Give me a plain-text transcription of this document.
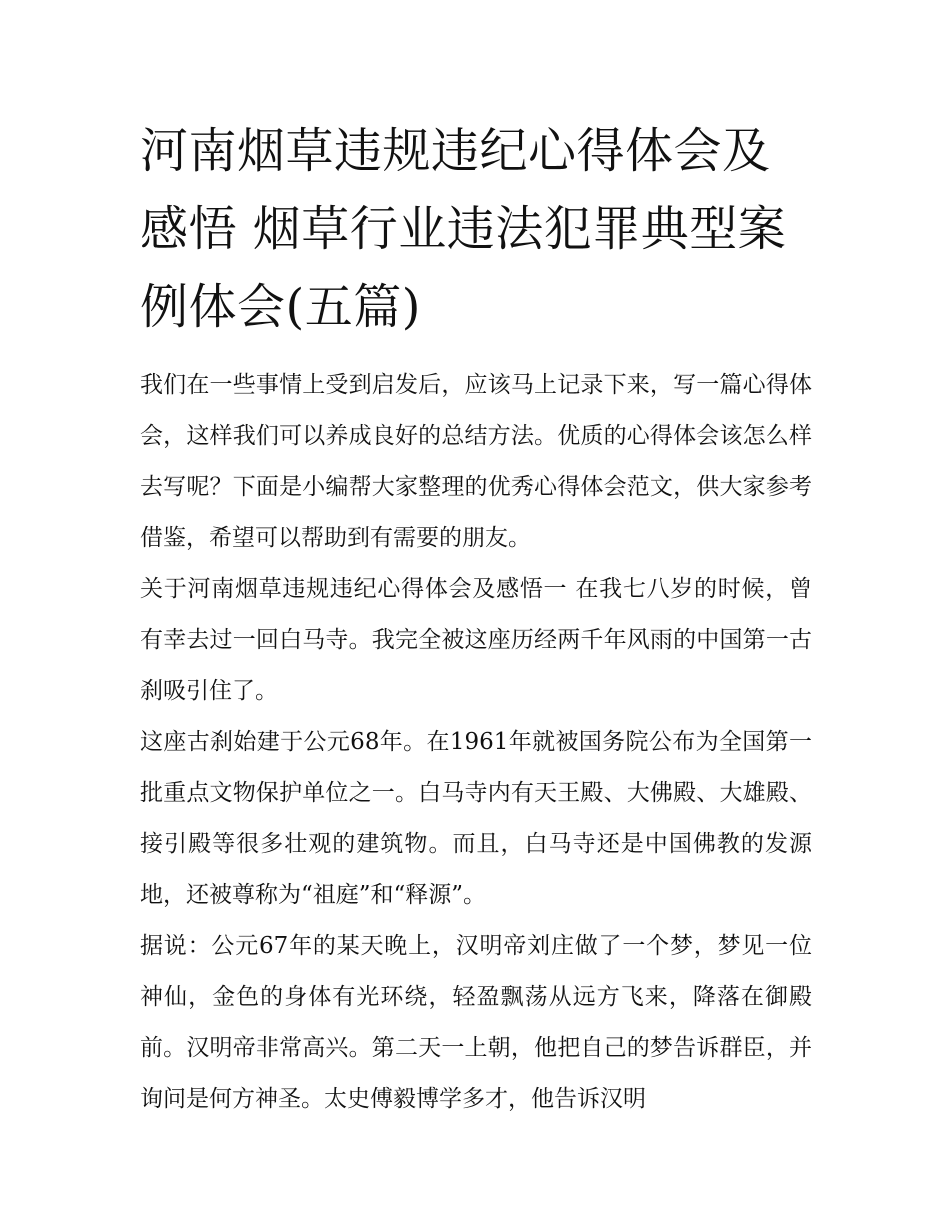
河南烟草违规违纪心得体会及感悟 烟草行业违法犯罪典型案例体会(五篇)

我们在一些事情上受到启发后，应该马上记录下来，写一篇心得体会，这样我们可以养成良好的总结方法。优质的心得体会该怎么样去写呢？下面是小编帮大家整理的优秀心得体会范文，供大家参考借鉴，希望可以帮助到有需要的朋友。

关于河南烟草违规违纪心得体会及感悟一 在我七八岁的时候，曾有幸去过一回白马寺。我完全被这座历经两千年风雨的中国第一古刹吸引住了。

这座古刹始建于公元68年。在1961年就被国务院公布为全国第一批重点文物保护单位之一。白马寺内有天王殿、大佛殿、大雄殿、接引殿等很多壮观的建筑物。而且，白马寺还是中国佛教的发源地，还被尊称为“祖庭”和“释源”。

据说：公元67年的某天晚上，汉明帝刘庄做了一个梦，梦见一位神仙，金色的身体有光环绕，轻盈飘荡从远方飞来，降落在御殿前。汉明帝非常高兴。第二天一上朝，他把自己的梦告诉群臣，并询问是何方神圣。太史傅毅博学多才，他告诉汉明
